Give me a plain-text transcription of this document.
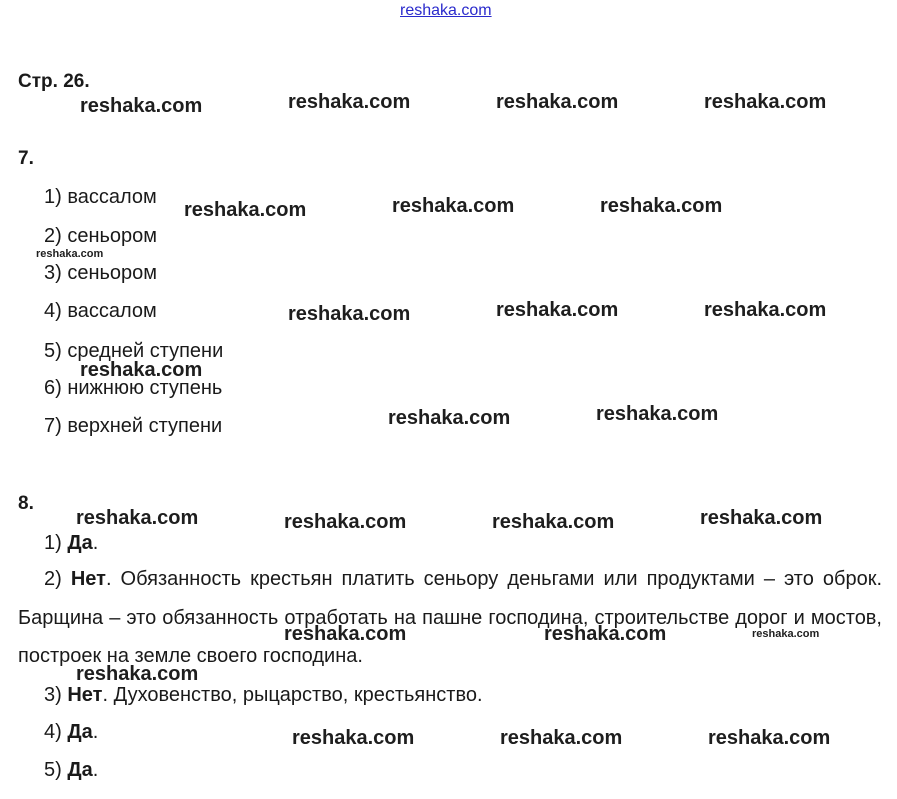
reshaka.com
Стр. 26.
7.
1) вассалом
2) сеньором
3) сеньором
4) вассалом
5) средней ступени
6) нижнюю ступень
7) верхней ступени
8.
1) Да.
2) Нет. Обязанность крестьян платить сеньору деньгами или продуктами – это оброк. Барщина – это обязанность отработать на пашне господина, строительстве дорог и мостов, построек на земле своего господина.
3) Нет. Духовенство, рыцарство, крестьянство.
4) Да.
5) Да.
reshaka.com	reshaka.com	reshaka.com	reshaka.com
reshaka.com	reshaka.com	reshaka.com
reshaka.com
reshaka.com	reshaka.com	reshaka.com
reshaka.com
reshaka.com	reshaka.com
reshaka.com	reshaka.com	reshaka.com	reshaka.com
reshaka.com	reshaka.com	reshaka.com
reshaka.com
reshaka.com	reshaka.com	reshaka.com
